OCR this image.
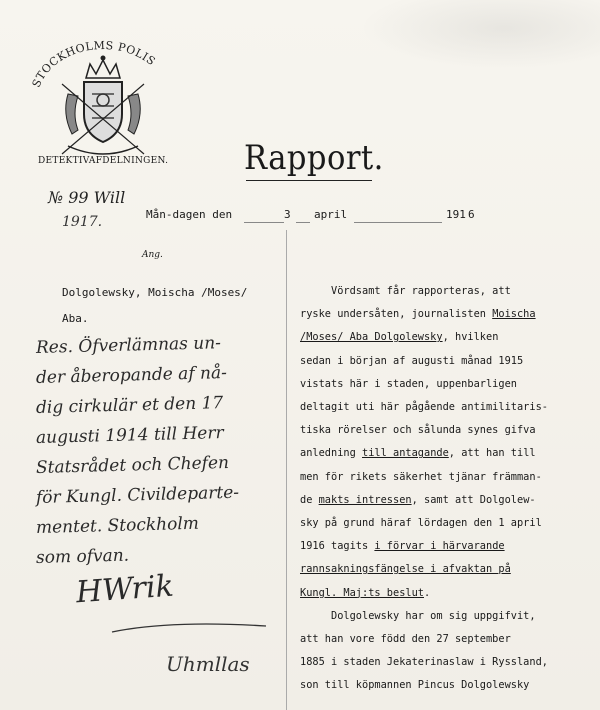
STOCKHOLMS POLIS
DETEKTIVAFDELNINGEN. Rapport.
№ 99 Will
1917.	Mån-dagen den	3 april	191 6
Ang.
Dolgolewsky, Moischa /Moses/
Aba.
Res. Öfverlämnas un-
der åberopande af nå-
dig cirkulär et den 17
augusti 1914 till Herr
Statsrådet och Chefen
för Kungl. Civildeparte-
mentet. Stockholm
som ofvan.
HWrik
Uhmllas
Vördsamt får rapporteras, att
ryske undersåten, journalisten Moischa
/Moses/ Aba Dolgolewsky, hvilken
sedan i början af augusti månad 1915
vistats här i staden, uppenbarligen
deltagit uti här pågående antimilitaris-
tiska rörelser och sålunda synes gifva
anledning till antagande, att han till
men för rikets säkerhet tjänar främman-
de makts intressen, samt att Dolgolew-
sky på grund häraf lördagen den 1 april
1916 tagits i förvar i härvarande
rannsakningsfängelse i afvaktan på
Kungl. Maj:ts beslut.
Dolgolewsky har om sig uppgifvit,
att han vore född den 27 september
1885 i staden Jekaterinaslaw i Ryssland,
son till köpmannen Pincus Dolgolewsky
